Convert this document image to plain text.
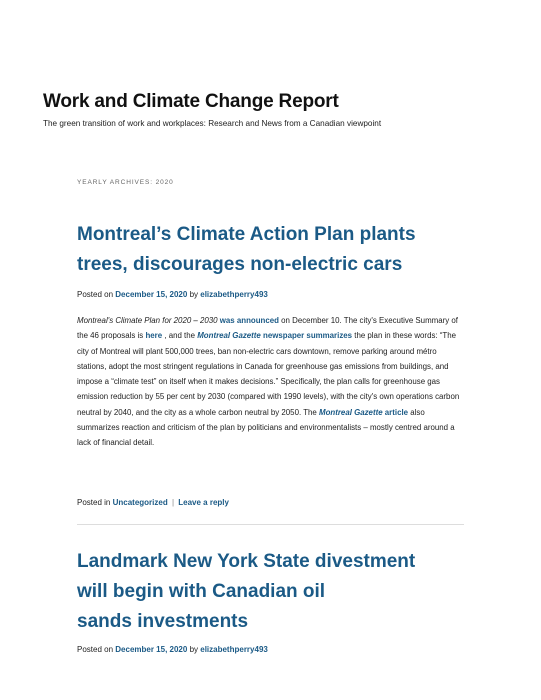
Work and Climate Change Report

The green transition of work and workplaces: Research and News from a Canadian viewpoint

YEARLY ARCHIVES: 2020
Montreal’s Climate Action Plan plants trees, discourages non-electric cars
Posted on December 15, 2020 by elizabethperry493

Montreal's Climate Plan for 2020 – 2030 was announced on December 10. The city's Executive Summary of the 46 proposals is here , and the Montreal Gazette newspaper summarizes the plan in these words: “The city of Montreal will plant 500,000 trees, ban non-electric cars downtown, remove parking around métro stations, adopt the most stringent regulations in Canada for greenhouse gas emissions from buildings, and impose a “climate test” on itself when it makes decisions.” Specifically, the plan calls for greenhouse gas emission reduction by 55 per cent by 2030 (compared with 1990 levels), with the city's own operations carbon neutral by 2040, and the city as a whole carbon neutral by 2050. The Montreal Gazette article also summarizes reaction and criticism of the plan by politicians and environmentalists – mostly centred around a lack of financial detail.

Posted in Uncategorized | Leave a reply
Landmark New York State divestment
will begin with Canadian oil
sands investments
Posted on December 15, 2020 by elizabethperry493
